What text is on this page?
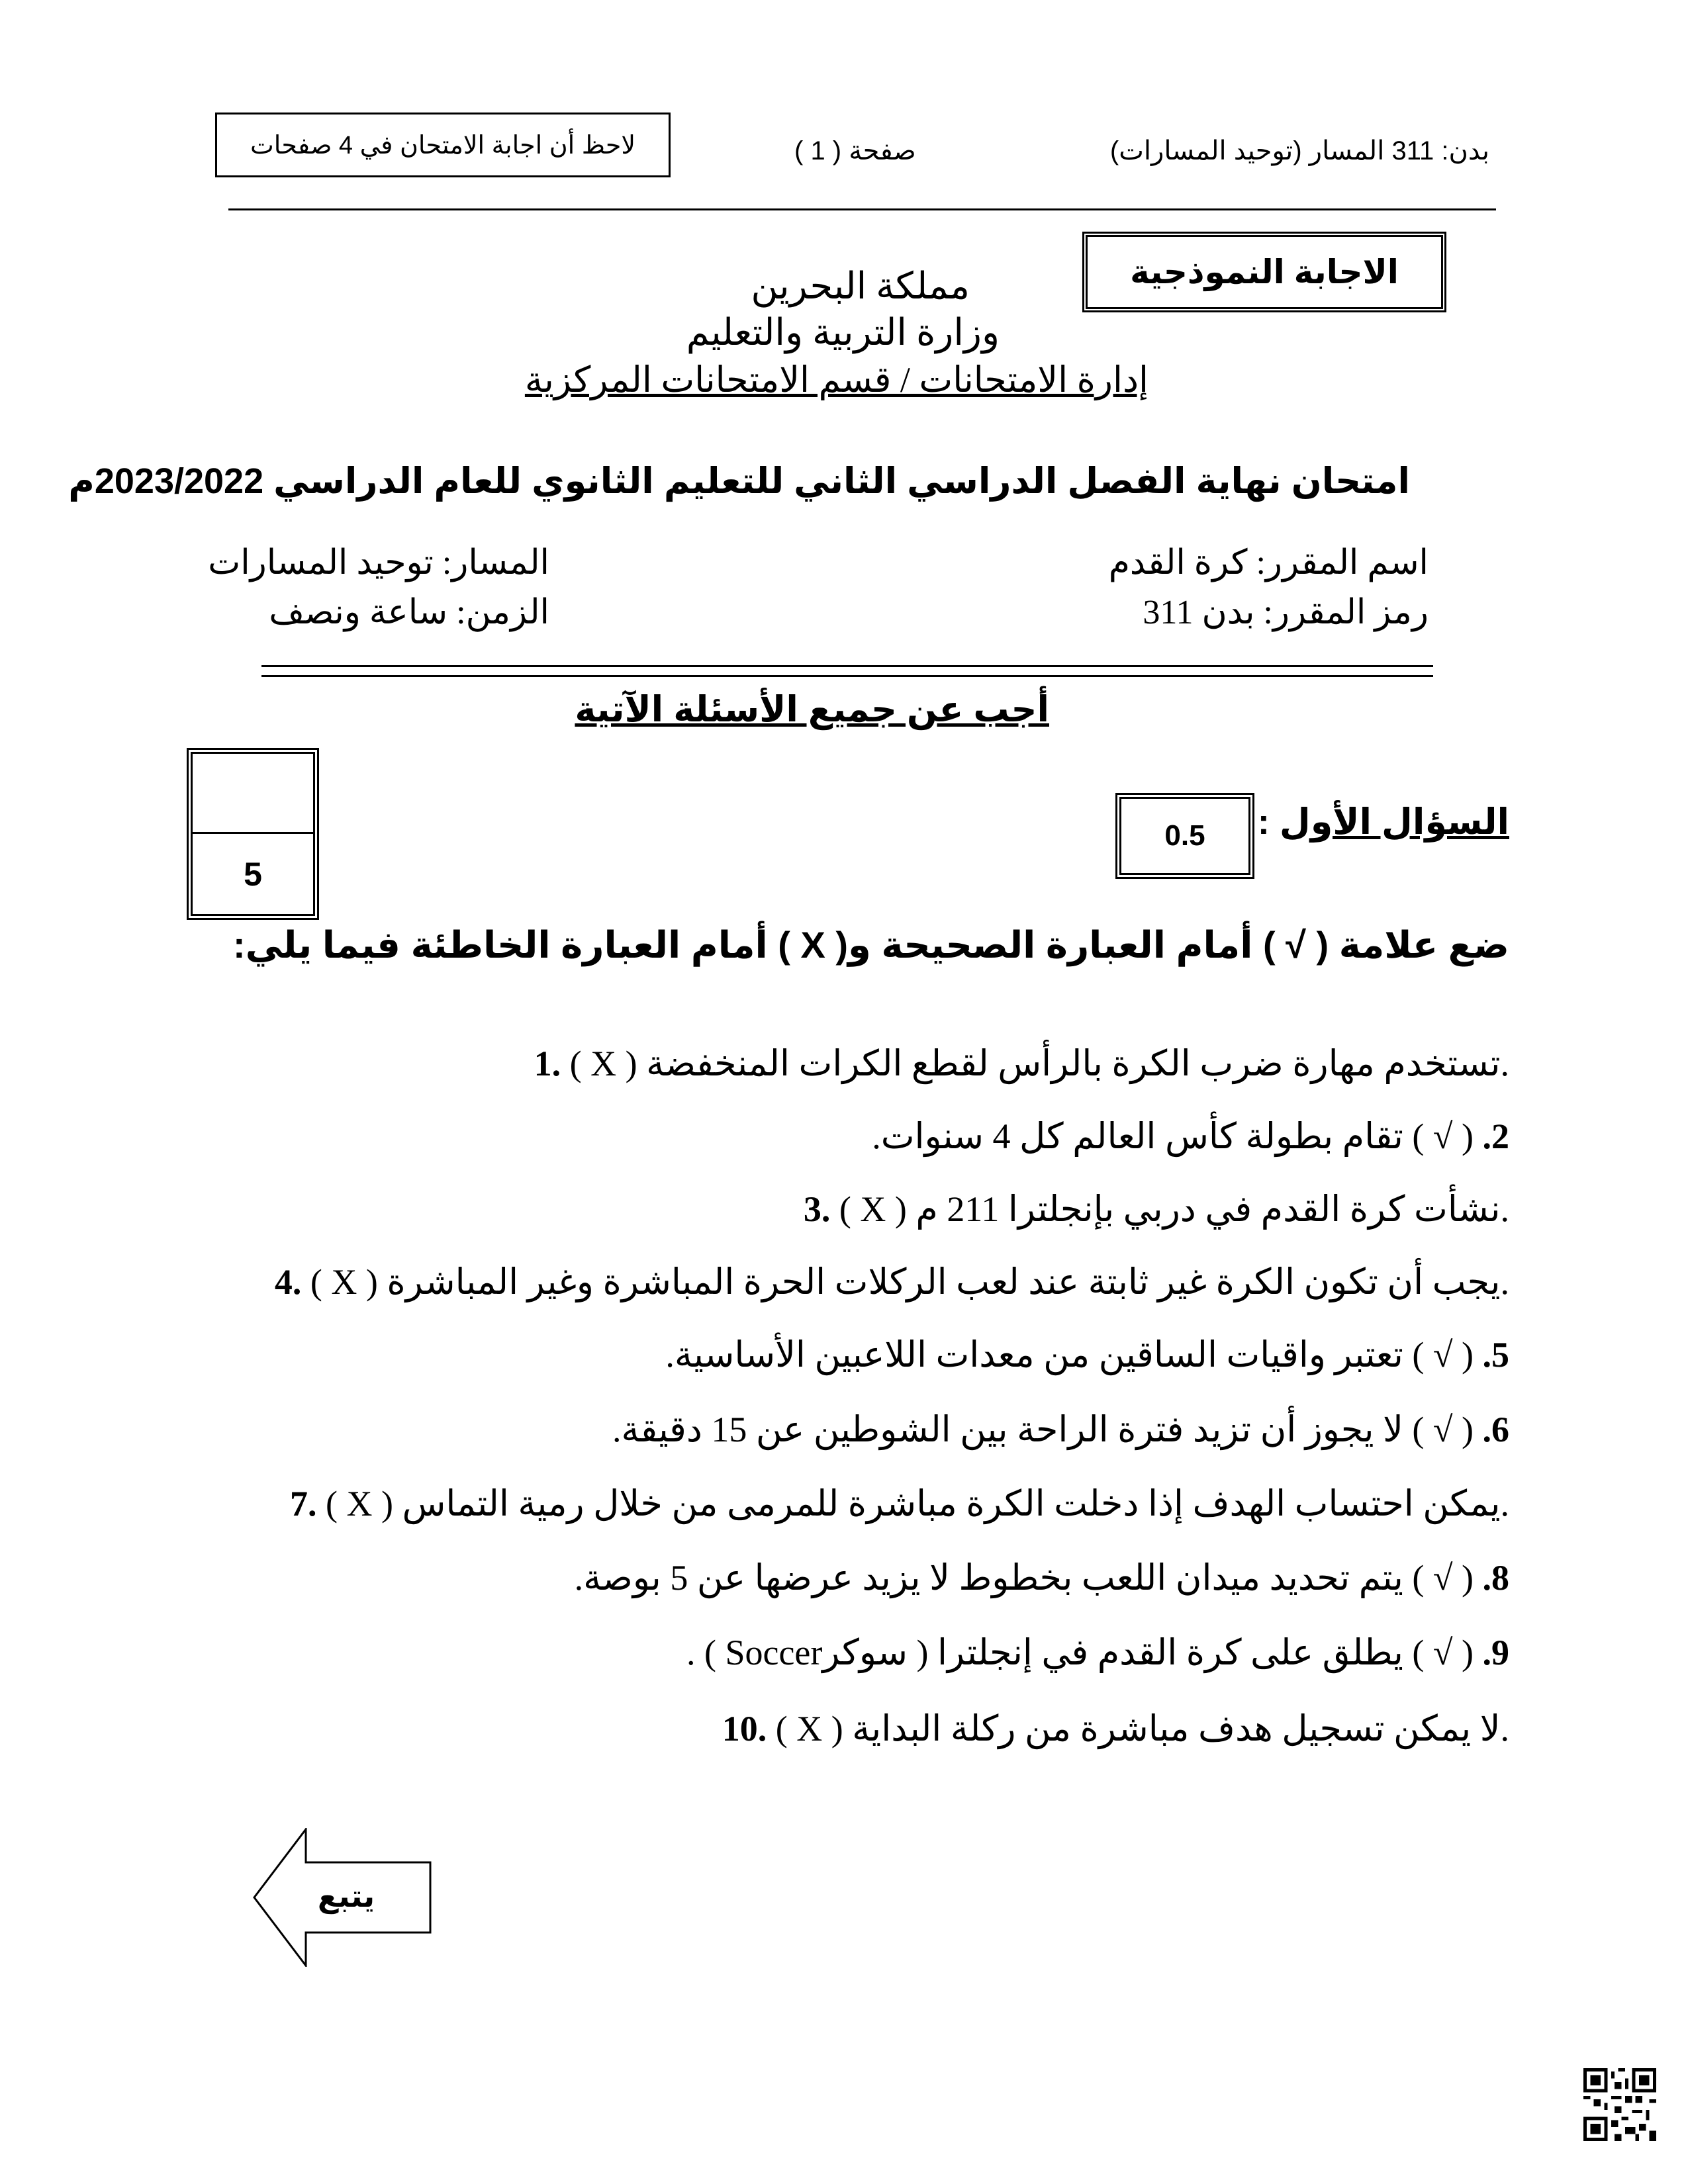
بدن: 311 المسار (توحيد المسارات)
صفحة ( 1 )
لاحظ أن اجابة الامتحان في 4 صفحات
الاجابة النموذجية
مملكة البحرين
وزارة التربية والتعليم
إدارة الامتحانات / قسم الامتحانات المركزية
امتحان نهاية الفصل الدراسي الثاني للتعليم الثانوي للعام الدراسي 2023/2022م
اسم المقرر: كرة القدم
رمز المقرر: بدن 311
المسار: توحيد المسارات
الزمن: ساعة ونصف
أجب عن جميع الأسئلة الآتية
5
0.5	السؤال الأول :
ضع علامة ( √ ) أمام العبارة الصحيحة و( X ) أمام العبارة الخاطئة فيما يلي:
1. ( X ) تستخدم مهارة ضرب الكرة بالرأس لقطع الكرات المنخفضة.
2. ( √ ) تقام بطولة كأس العالم كل 4 سنوات.
3. ( X ) نشأت كرة القدم في دربي بإنجلترا 211 م.
4. ( X ) يجب أن تكون الكرة غير ثابتة عند لعب الركلات الحرة المباشرة وغير المباشرة.
5. ( √ ) تعتبر واقيات الساقين من معدات اللاعبين الأساسية.
6. ( √ ) لا يجوز أن تزيد فترة الراحة بين الشوطين عن 15 دقيقة.
7. ( X ) يمكن احتساب الهدف إذا دخلت الكرة مباشرة للمرمى من خلال رمية التماس.
8. ( √ ) يتم تحديد ميدان اللعب بخطوط لا يزيد عرضها عن 5 بوصة.
9. ( √ ) يطلق على كرة القدم في إنجلترا ( سوكرSoccer ) .
10. ( X ) لا يمكن تسجيل هدف مباشرة من ركلة البداية.
يتبع
